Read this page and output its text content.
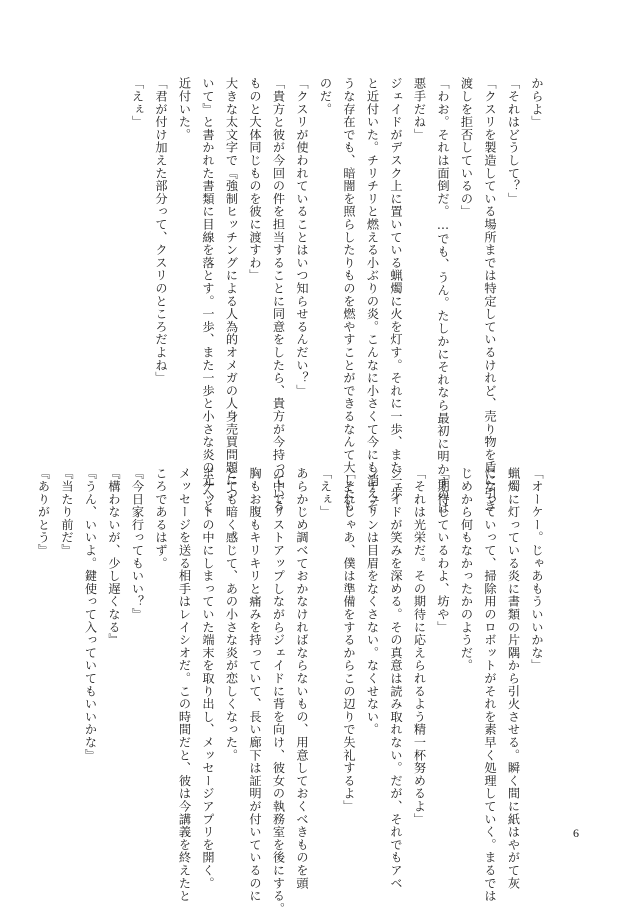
からよ」
「それはどうして？」
「クスリを製造している場所までは特定しているけれど、売り物を盾に引き
渡しを拒否しているの」
「わお。それは面倒だ。…でも、うん。たしかにそれなら最初に明かすのは
悪手だね」
ジェイドがデスク上に置いている蝋燭に火を灯す。それに一歩、また一歩
と近付いた。チリチリと燃える小ぶりの炎。こんなに小さくて今にも消えそ
うな存在でも、暗闇を照らしたりものを燃やすことができるなんて大したも
のだ。
「クスリが使われていることはいつ知らせるんだい？」
「貴方と彼が今回の件を担当することに同意をしたら、貴方が今持っている
ものと大体同じものを彼に渡すわ」
大きな太文字で『強制ヒッチングによる人為的オメガの人身売買問題につ
いて』と書かれた書類に目線を落とす。一歩、また一歩と小さな炎の元へと
近付いた。
「君が付け加えた部分って、クスリのところだよね」
「えぇ」
「オーケー。じゃあもういいかな」
蝋燭に灯っている炎に書類の片隅から引火させる。瞬く間に紙はやがて灰
になっていって、掃除用のロボットがそれを素早く処理していく。まるでは
じめから何もなかったかのようだ。
「期待しているわよ、坊や」
「それは光栄だ。その期待に応えられるよう精一杯努めるよ」
ジェイドが笑みを深める。その真意は読み取れない。だが、それでもアベ
ンチュリンは目眉をなくさない。なくせない。
「それじゃあ、僕は準備をするからこの辺りで失礼するよ」
「えぇ」
あらかじめ調べておかなければならないもの、用意しておくべきものを頭
の中でリストアップしながらジェイドに背を向け、彼女の執務室を後にする。
胸もお腹もキリキリと痛みを持っていて、長い廊下は証明が付いているのに
とても暗く感じて、あの小さな炎が恋しくなった。
ポケットの中にしまっていた端末を取り出し、メッセージアプリを開く。
メッセージを送る相手はレイシオだ。この時間だと、彼は今講義を終えたと
ころであるはず。
『今日家行ってもいい？』
『構わないが、少し遅くなる』
『うん、いいよ。鍵使って入っていてもいいかな』
『当たり前だ』
『ありがとう』
6
